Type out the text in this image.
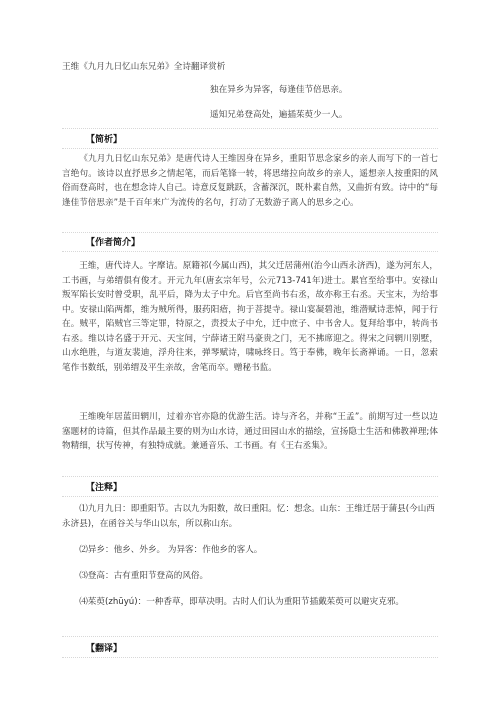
王维《九月九日忆山东兄弟》全诗翻译赏析
独在异乡为异客，每逢佳节倍思亲。
遥知兄弟登高处，遍插茱萸少一人。
【简析】

《九月九日忆山东兄弟》是唐代诗人王维因身在异乡，重阳节思念家乡的亲人而写下的一首七言绝句。该诗以直抒思乡之情起笔，而后笔锋一转，将思绪拉向故乡的亲人，遥想亲人按重阳的风俗而登高时，也在想念诗人自己。诗意反复跳跃，含蓄深沉，既朴素自然，又曲折有致。诗中的“每逢佳节倍思亲”是千百年来广为流传的名句，打动了无数游子离人的思乡之心。

【作者简介】

王维，唐代诗人。字摩诘。原籍祁(今属山西)，其父迁居蒲州(治今山西永济西)，遂为河东人，工书画，与弟缙俱有俊才。开元九年(唐玄宗年号，公元713-741年)进士。累官至给事中。安禄山叛军陷长安时曾受职，乱平后，降为太子中允。后官至尚书右丞，故亦称王右丞。天宝末，为给事中。安禄山陷两都，维为贼所得，服药阳瘖，拘于菩提寺。禄山宴凝碧池，维潜赋诗悲悼，闻于行在。贼平，陷贼官三等定罪，特原之，责授太子中允，迁中庶子、中书舍人。复拜给事中，转尚书右丞。维以诗名盛于开元、天宝间，宁薛诸王附马豪贵之门，无不拂席迎之。得宋之问辋川别墅，山水绝胜，与道友裴迪，浮舟往来，弹琴赋诗，啸咏终日。笃于奉佛，晚年长斋禅诵。一日，忽索笔作书数纸，别弟缙及平生亲故，舍笔而卒。赠秘书监。

王维晚年居蓝田辋川，过着亦官亦隐的优游生活。诗与齐名，并称“王孟”。前期写过一些以边塞题材的诗篇，但其作品最主要的则为山水诗，通过田园山水的描绘，宣扬隐士生活和佛教禅理;体物精细，状写传神，有独特成就。兼通音乐、工书画。有《王右丞集》。

【注释】

⑴九月九日：即重阳节。古以九为阳数，故曰重阳。忆：想念。山东：王维迁居于蒲县(今山西永济县)，在函谷关与华山以东，所以称山东。

⑵异乡：他乡、外乡。 为异客：作他乡的客人。

⑶登高：古有重阳节登高的风俗。

⑷茱萸(zhūyú)：一种香草，即草决明。古时人们认为重阳节插戴茱萸可以避灾克邪。

【翻译】
